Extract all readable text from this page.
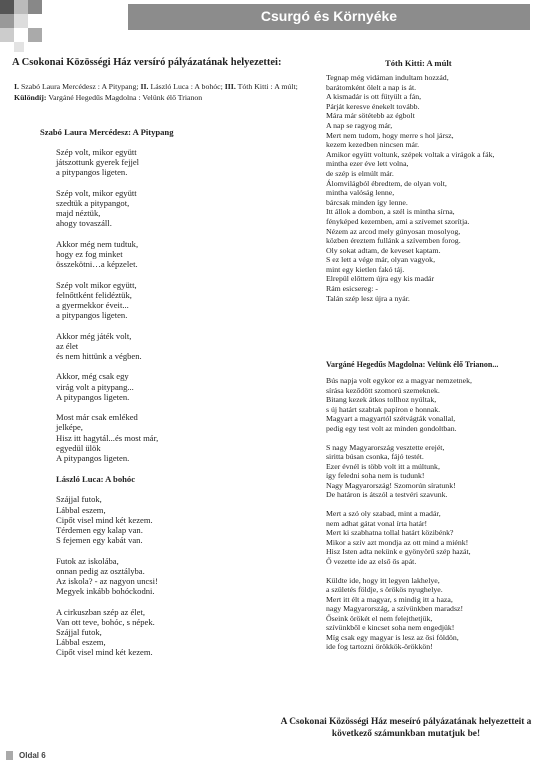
Csurgó és Környéke
A Csokonai Közösségi Ház versíró pályázatának helyezettei:
I. Szabó Laura Mercédesz : A Pitypang; II. László Luca : A bohóc; III. Tóth Kitti : A múlt; Különdíj: Vargáné Hegedűs Magdolna : Velünk élő Trianon
Szabó Laura Mercédesz: A Pitypang
Szép volt, mikor együtt
játszottunk gyerek fejjel
a pitypangos ligeten.
Szép volt, mikor együtt
szedtük a pitypangot,
majd néztük,
ahogy tovaszáll.
Akkor még nem tudtuk,
hogy ez fog minket
összekötni…a képzelet.
Szép volt mikor együtt,
felnőttként felidéztük,
a gyermekkor éveit...
a pitypangos ligeten.
Akkor még játék volt,
az élet
és nem hittünk a végben.
Akkor, még csak egy
virág volt a pitypang...
A pitypangos ligeten.
Most már csak emléked
jelképe,
Hisz itt hagytál...és most már,
egyedül ülök
A pitypangos ligeten.
László Luca: A bohóc
Szájjal futok,
Lábbal eszem,
Cipőt visel mind két kezem.
Térdemen egy kalap van.
S fejemen egy kabát van.
Futok az iskolába,
onnan pedig az osztályba.
Az iskola? - az nagyon uncsi!
Megyek inkább bohóckodni.
A cirkuszban szép az élet,
Van ott teve, bohóc, s népek.
Szájjal futok,
Lábbal eszem,
Cipőt visel mind két kezem.
Tóth Kitti: A múlt
Tegnap még vidáman indultam hozzád,
barátomként ölelt a nap is át.
A kismadár is ott fütyült a fán,
Párját keresve énekelt tovább.
Mára már sötétebb az égbolt
A nap se ragyog már,
Mert nem tudom, hogy merre s hol jársz,
kezem kezedben nincsen már.
Amikor együtt voltunk, szépek voltak a virágok a fák,
mintha ezer éve lett volna,
de szép is elmúlt már.
Álomvilágból ébredtem, de olyan volt,
mintha valóság lenne,
bárcsak minden így lenne.
Itt állok a dombon, a szél is mintha sírna,
fényképed kezemben, ami a szívemet szorítja.
Nézem az arcod mely gúnyosan mosolyog,
közben éreztem fullánk a szívemben forog.
Oly sokat adtam, de keveset kaptam.
S ez lett a vége már, olyan vagyok,
mint egy kietlen fakó táj.
Elrepül előttem újra egy kis madár
Rám esicsereg: -
Talán szép lesz újra a nyár.
Vargáné Hegedűs Magdolna: Velünk élő Trianon...
Bús napja volt egykor ez a magyar nemzetnek,
sírása keződött szomorú szemeknek.
Bitang kezek átkos tollhoz nyúltak,
s új határt szabtak papíron e honnak.
Magyart a magyartól szétvágták vonallal,
pedig egy test volt az minden gondoltban.
S nagy Magyarország vesztette erejét,
siritta búsan csonka, fájó testét.
Ezer évnél is több volt itt a múltunk,
így feledni soha nem is tudunk!
Nagy Magyarország! Szomorún síratunk!
De határon is átszól a testvéri szavunk.
Mert a szó oly szabad, mint a madár,
nem adhat gátat vonal írta határ!
Mert ki szabhatna tollal határt közibénk?
Mikor a szív azt mondja az ott mind a miénk!
Hisz Isten adta nekünk e gyönyörű szép hazát,
Ő vezette ide az első ős apát.
Küldte ide, hogy itt legyen lakhelye,
a születés földje, s örökös nyughelye.
Mert itt élt a magyar, s mindig itt a haza,
nagy Magyarország, a szívünkben maradsz!
Őseink örökét el nem felejthetjük,
szívünkből e kincset soha nem engedjük!
Míg csak egy magyar is lesz az ősi földön,
ide fog tartozni örökkök-örökkön!
A Csokonai Közösségi Ház meseíró pályázatának helyezetteit a következő számunkban mutatjuk be!
Oldal 6
